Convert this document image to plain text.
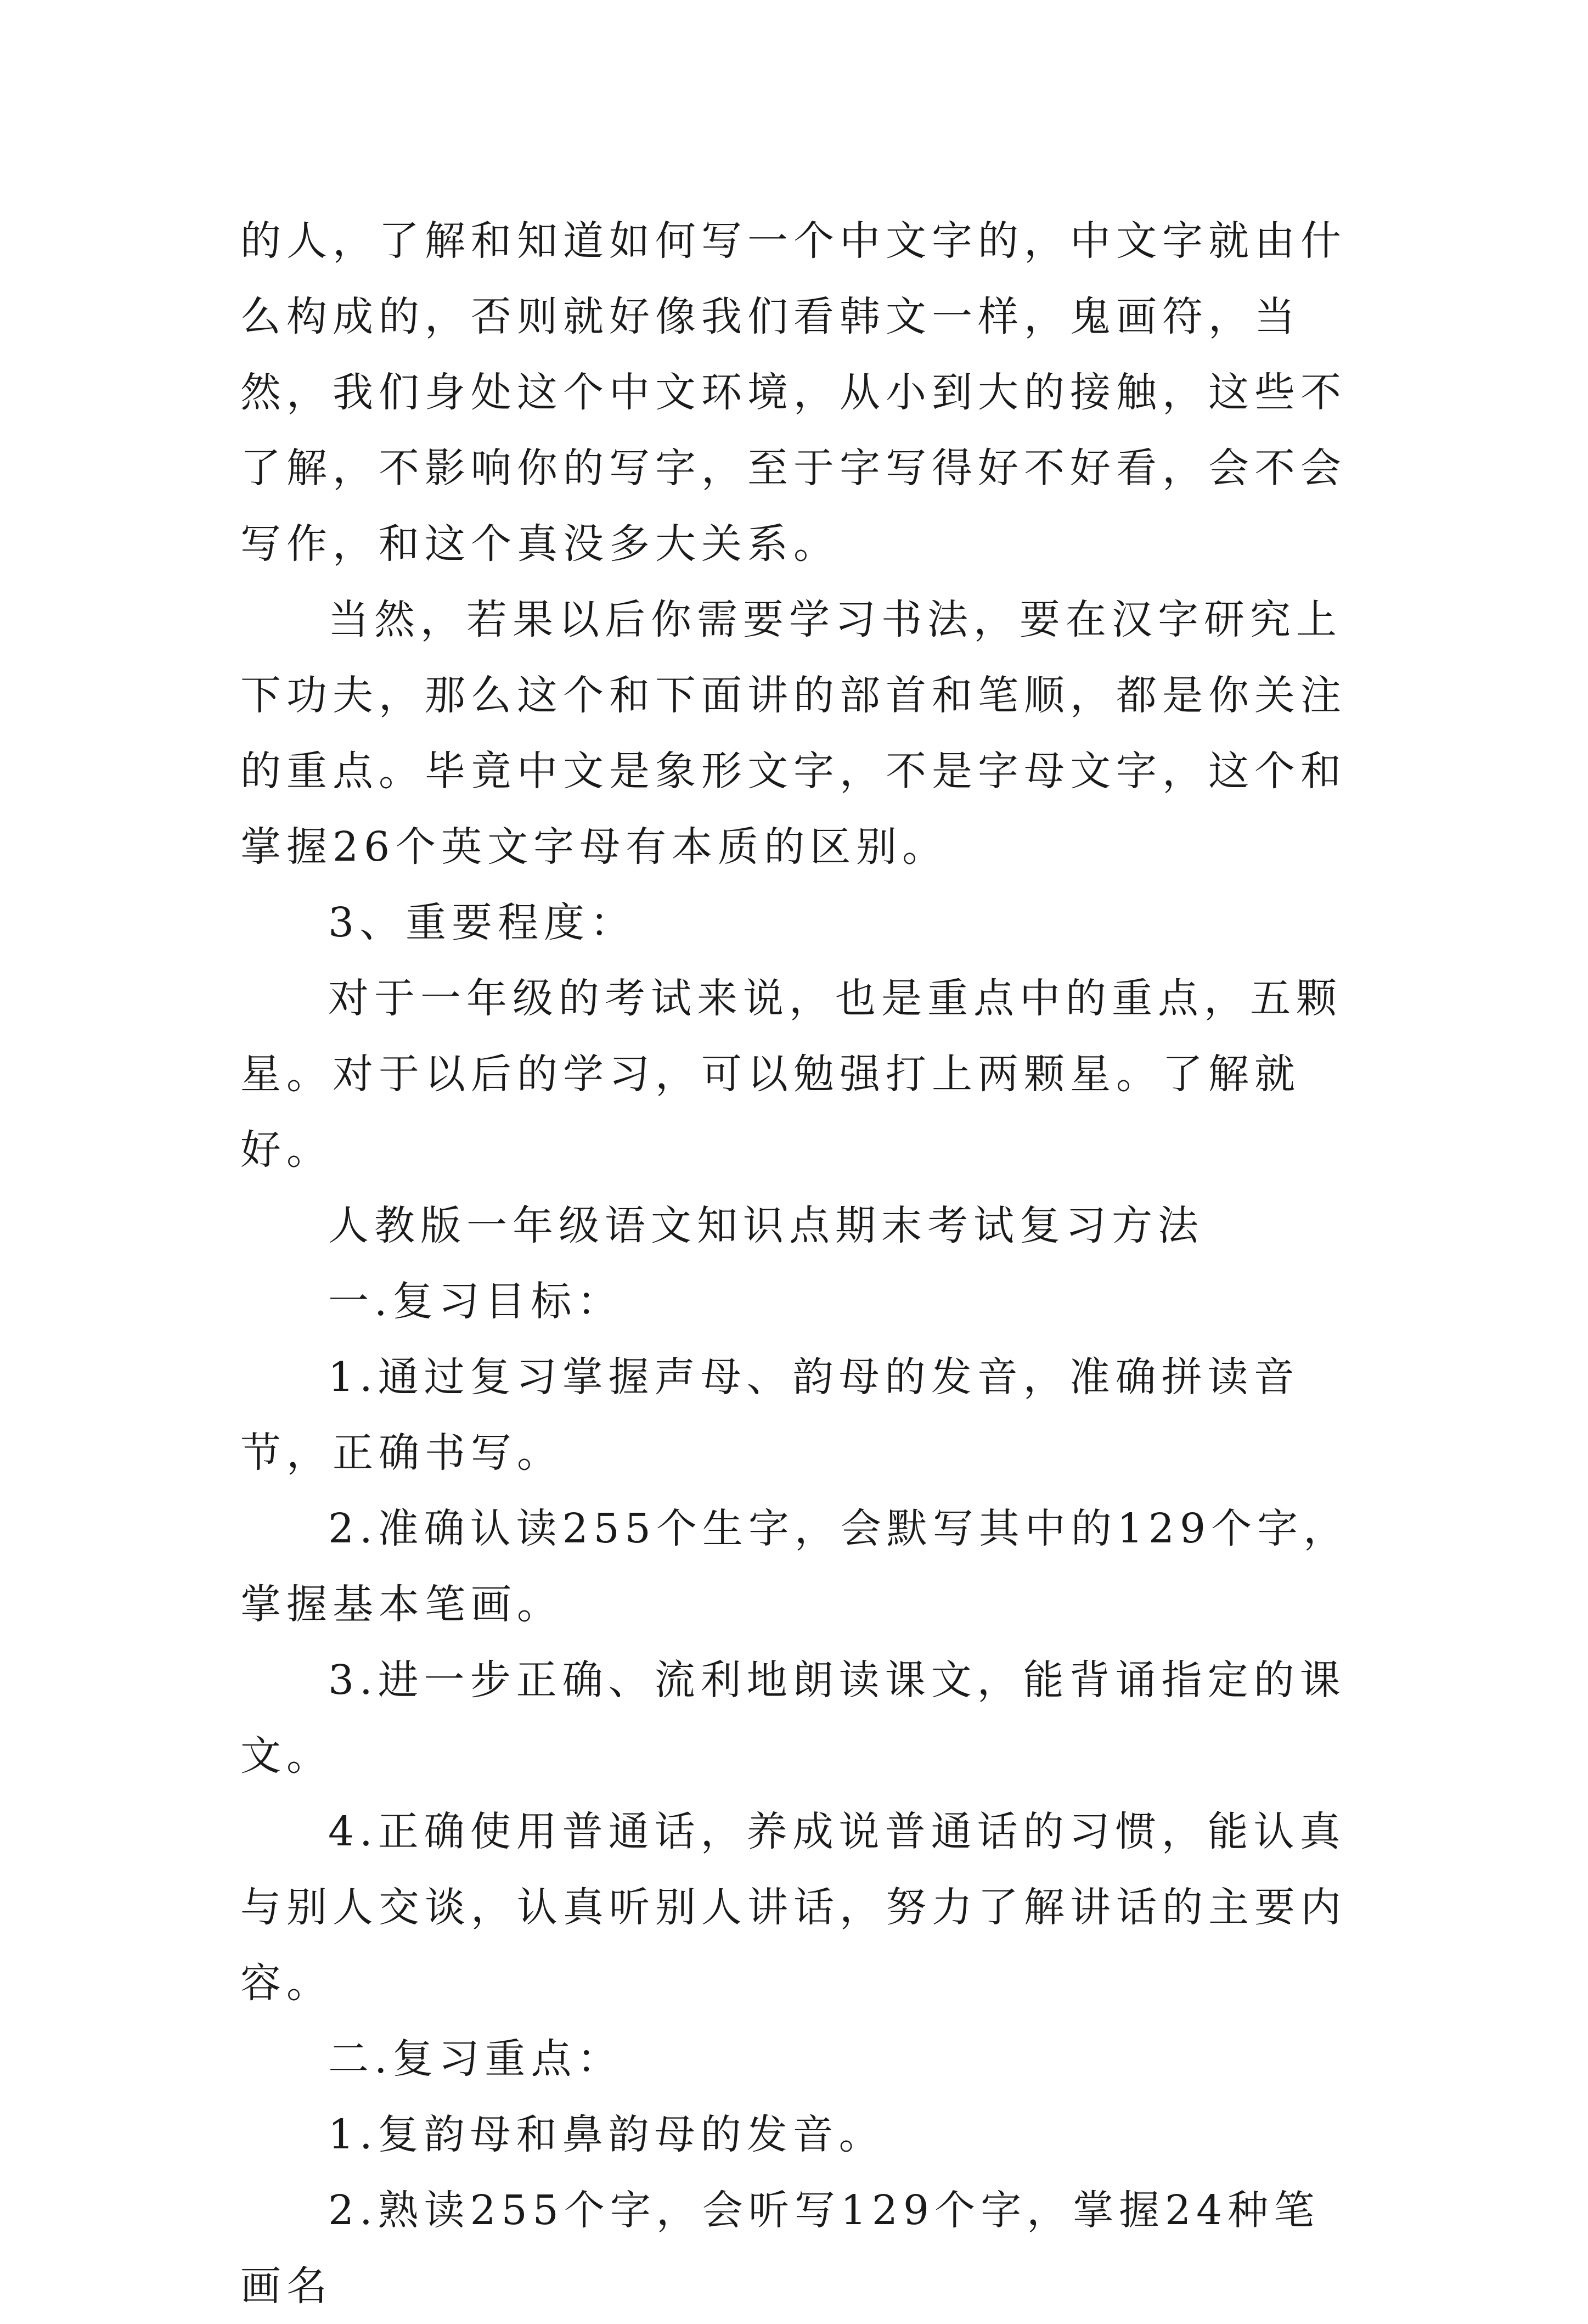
的人，了解和知道如何写一个中文字的，中文字就由什么构成的，否则就好像我们看韩文一样，鬼画符，当然，我们身处这个中文环境，从小到大的接触，这些不了解，不影响你的写字，至于字写得好不好看，会不会写作，和这个真没多大关系。

当然，若果以后你需要学习书法，要在汉字研究上下功夫，那么这个和下面讲的部首和笔顺，都是你关注的重点。毕竟中文是象形文字，不是字母文字，这个和掌握26个英文字母有本质的区别。

3、重要程度：

对于一年级的考试来说，也是重点中的重点，五颗星。对于以后的学习，可以勉强打上两颗星。了解就好。

人教版一年级语文知识点期末考试复习方法

一.复习目标：

1.通过复习掌握声母、韵母的发音，准确拼读音节，正确书写。

2.准确认读255个生字，会默写其中的129个字，掌握基本笔画。

3.进一步正确、流利地朗读课文，能背诵指定的课文。

4.正确使用普通话，养成说普通话的习惯，能认真与别人交谈，认真听别人讲话，努力了解讲话的主要内容。

二.复习重点：

1.复韵母和鼻韵母的发音。

2.熟读255个字，会听写129个字，掌握24种笔画名
